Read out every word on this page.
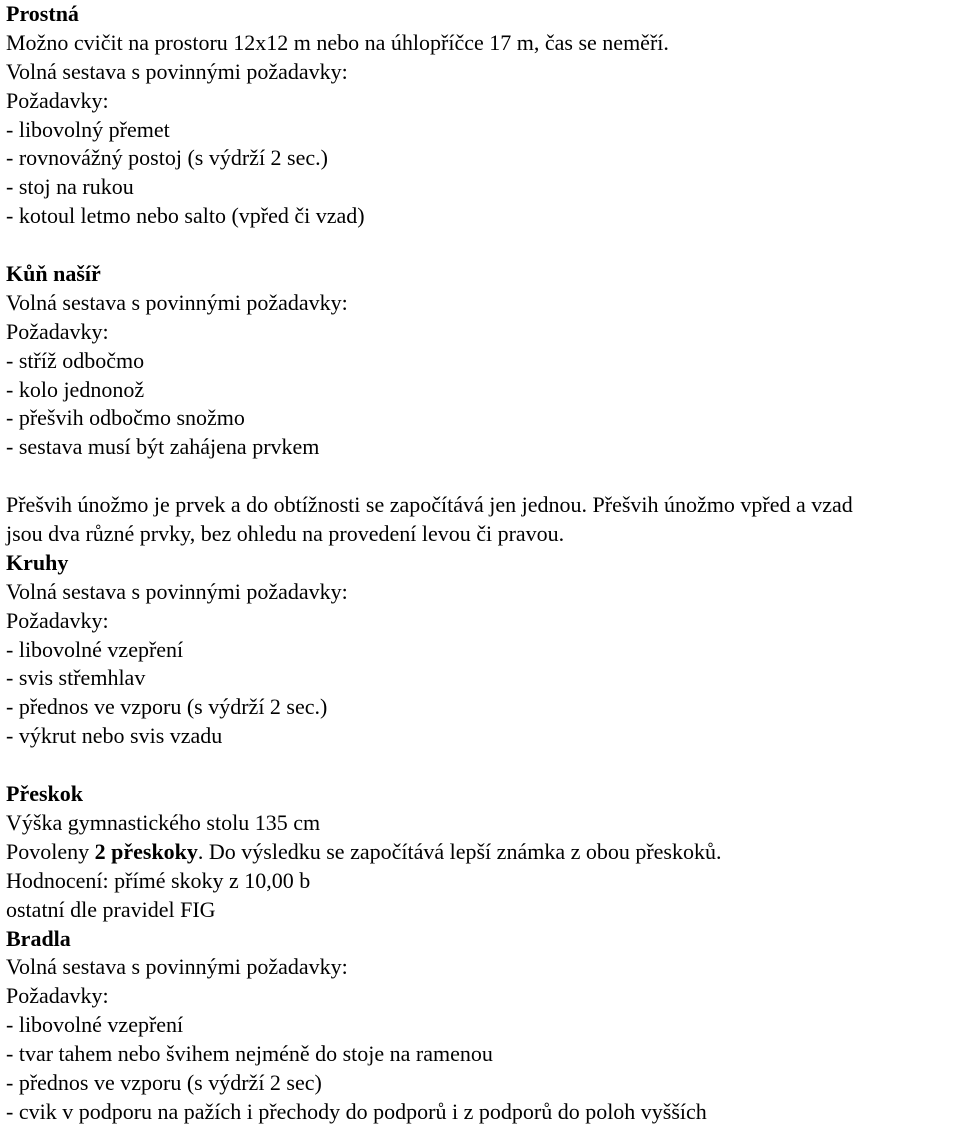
Prostná
Možno cvičit na prostoru 12x12 m nebo na úhlopříčce 17 m, čas se neměří.
Volná sestava s povinnými požadavky:
Požadavky:
- libovolný přemet
- rovnovážný postoj (s výdrží 2 sec.)
- stoj na rukou
- kotoul letmo nebo salto (vpřed či vzad)
Kůň našíř
Volná sestava s povinnými požadavky:
Požadavky:
- stříž odbočmo
- kolo jednonož
- přešvih odbočmo snožmo
- sestava musí být zahájena prvkem
Přešvih únožmo je prvek a do obtížnosti se započítává jen jednou. Přešvih únožmo vpřed a vzad
jsou dva různé prvky, bez ohledu na provedení levou či pravou.
Kruhy
Volná sestava s povinnými požadavky:
Požadavky:
- libovolné vzepření
- svis střemhlav
- přednos ve vzporu (s výdrží 2 sec.)
- výkrut nebo svis vzadu
Přeskok
Výška gymnastického stolu 135 cm
Povoleny 2 přeskoky. Do výsledku se započítává lepší známka z obou přeskoků.
Hodnocení: přímé skoky z 10,00 b
ostatní dle pravidel FIG
Bradla
Volná sestava s povinnými požadavky:
Požadavky:
- libovolné vzepření
- tvar tahem nebo švihem nejméně do stoje na ramenou
- přednos ve vzporu (s výdrží 2 sec)
- cvik v podporu na pažích i přechody do podporů i z podporů do poloh vyšších
